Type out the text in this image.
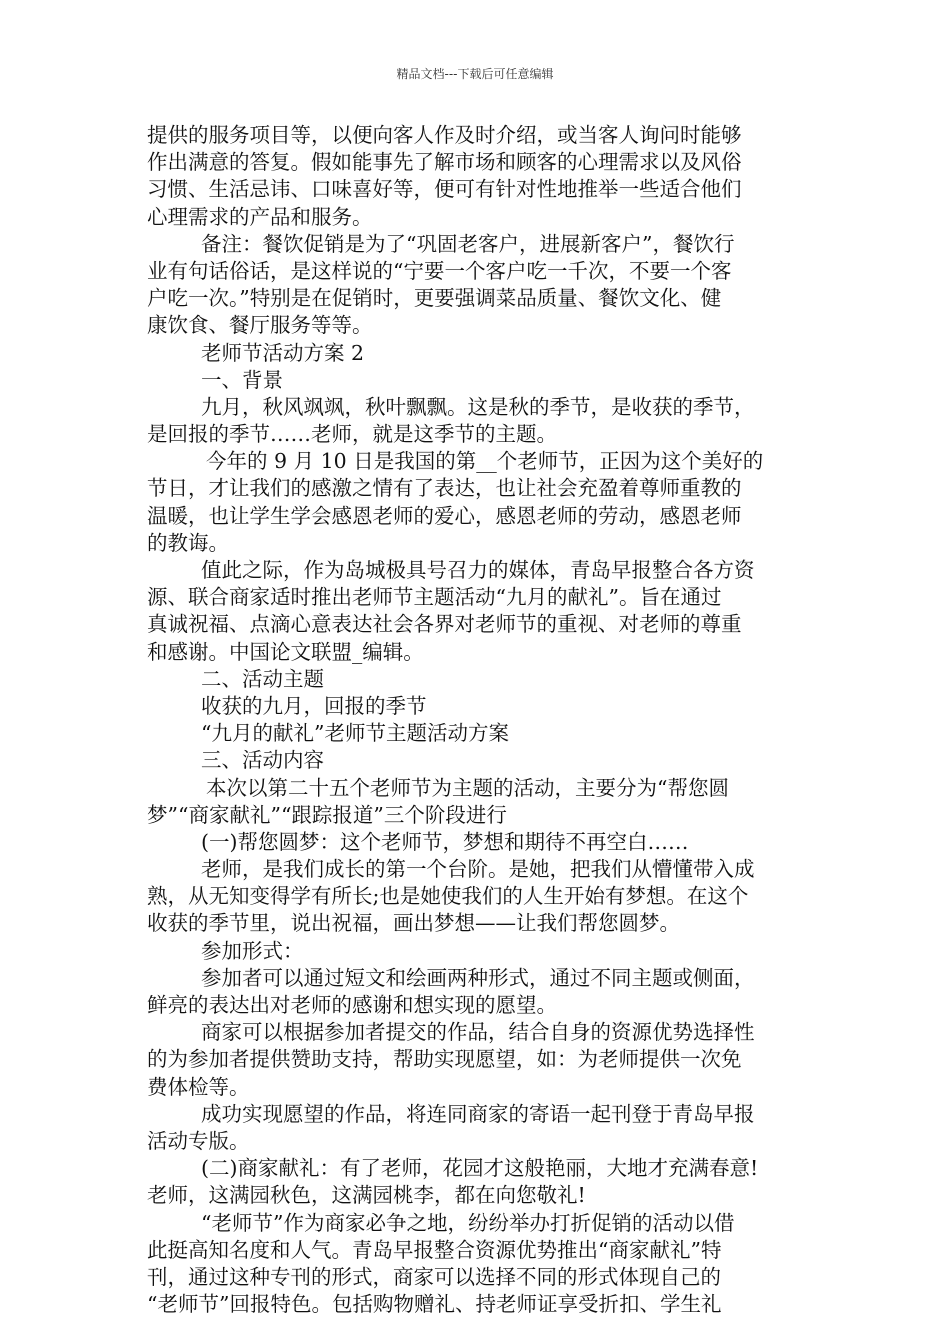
精品文档---下载后可任意编辑
提供的服务项目等，以便向客人作及时介绍，或当客人询问时能够
作出满意的答复。假如能事先了解市场和顾客的心理需求以及风俗
习惯、生活忌讳、口味喜好等，便可有针对性地推举一些适合他们
心理需求的产品和服务。
备注：餐饮促销是为了“巩固老客户，进展新客户”，餐饮行
业有句话俗话，是这样说的“宁要一个客户吃一千次，不要一个客
户吃一次。”特别是在促销时，更要强调菜品质量、餐饮文化、健
康饮食、餐厅服务等等。
老师节活动方案 2
一、背景
九月，秋风飒飒，秋叶飘飘。这是秋的季节，是收获的季节，
是回报的季节……老师，就是这季节的主题。
今年的 9 月 10 日是我国的第__个老师节，正因为这个美好的
节日，才让我们的感激之情有了表达，也让社会充盈着尊师重教的
温暖，也让学生学会感恩老师的爱心，感恩老师的劳动，感恩老师
的教诲。
值此之际，作为岛城极具号召力的媒体，青岛早报整合各方资
源、联合商家适时推出老师节主题活动“九月的献礼”。旨在通过
真诚祝福、点滴心意表达社会各界对老师节的重视、对老师的尊重
和感谢。中国论文联盟_编辑。
二、活动主题
收获的九月，回报的季节
“九月的献礼”老师节主题活动方案
三、活动内容
本次以第二十五个老师节为主题的活动，主要分为“帮您圆
梦”“商家献礼”“跟踪报道”三个阶段进行
(一)帮您圆梦：这个老师节，梦想和期待不再空白……
老师，是我们成长的第一个台阶。是她，把我们从懵懂带入成
熟，从无知变得学有所长;也是她使我们的人生开始有梦想。在这个
收获的季节里，说出祝福，画出梦想——让我们帮您圆梦。
参加形式：
参加者可以通过短文和绘画两种形式，通过不同主题或侧面，
鲜亮的表达出对老师的感谢和想实现的愿望。
商家可以根据参加者提交的作品，结合自身的资源优势选择性
的为参加者提供赞助支持，帮助实现愿望，如：为老师提供一次免
费体检等。
成功实现愿望的作品，将连同商家的寄语一起刊登于青岛早报
活动专版。
(二)商家献礼：有了老师，花园才这般艳丽，大地才充满春意!
老师，这满园秋色，这满园桃李，都在向您敬礼!
“老师节”作为商家必争之地，纷纷举办打折促销的活动以借
此挺高知名度和人气。青岛早报整合资源优势推出“商家献礼”特
刊，通过这种专刊的形式，商家可以选择不同的形式体现自己的
“老师节”回报特色。包括购物赠礼、持老师证享受折扣、学生礼
